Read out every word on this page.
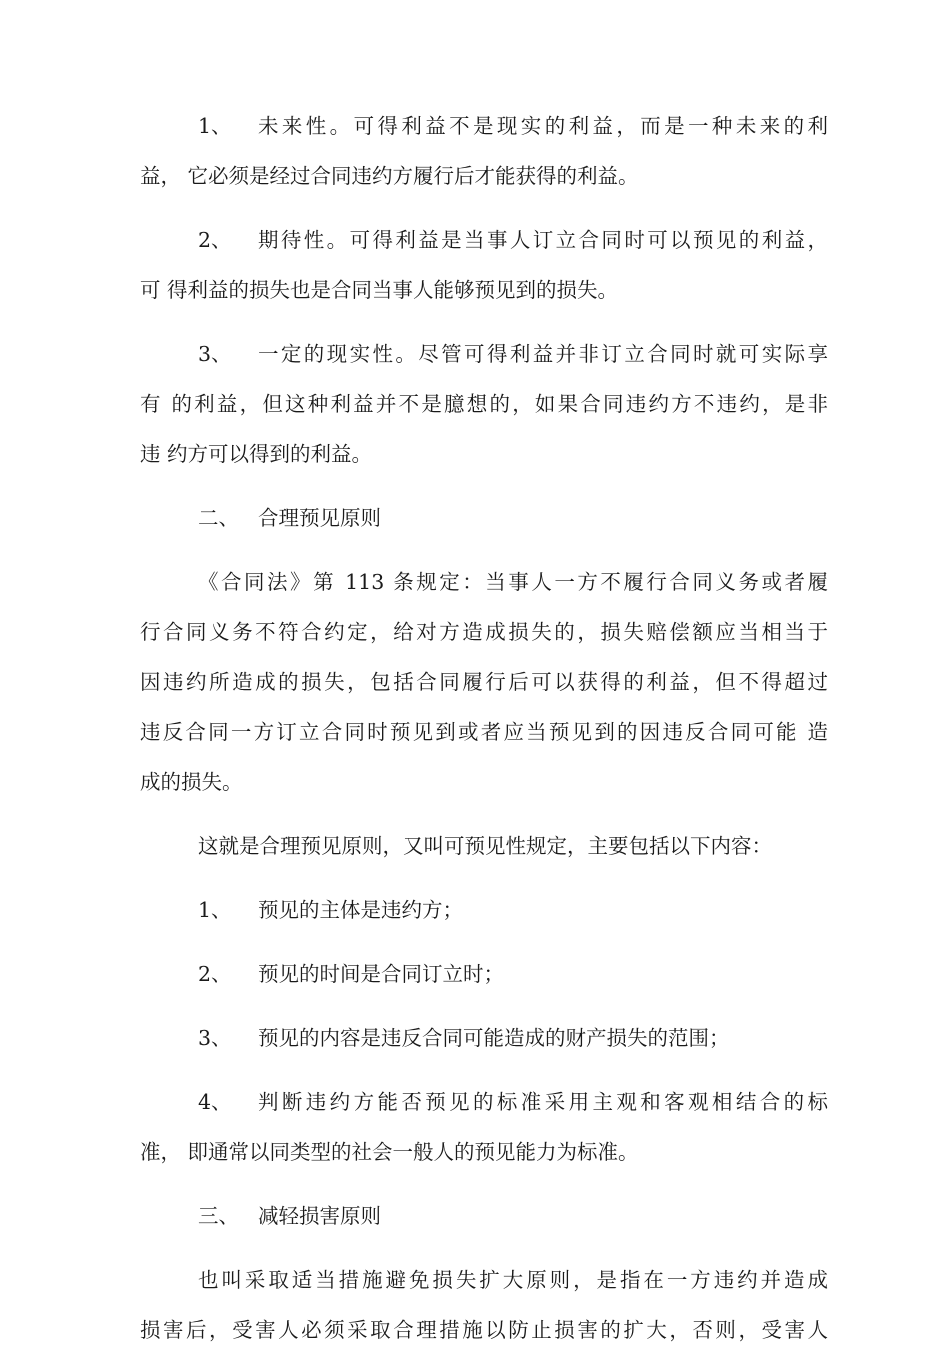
1、 未来性。可得利益不是现实的利益，而是一种未来的利
益， 它必须是经过合同违约方履行后才能获得的利益。
2、 期待性。可得利益是当事人订立合同时可以预见的利益，
可 得利益的损失也是合同当事人能够预见到的损失。
3、 一定的现实性。尽管可得利益并非订立合同时就可实际享
有 的利益，但这种利益并不是臆想的，如果合同违约方不违约，是非
违 约方可以得到的利益。
二、 合理预见原则
《合同法》第 113 条规定：当事人一方不履行合同义务或者履
行合同义务不符合约定，给对方造成损失的，损失赔偿额应当相当于
因违约所造成的损失，包括合同履行后可以获得的利益，但不得超过
违反合同一方订立合同时预见到或者应当预见到的因违反合同可能 造
成的损失。
这就是合理预见原则，又叫可预见性规定，主要包括以下内容：
1、 预见的主体是违约方；
2、 预见的时间是合同订立时；
3、 预见的内容是违反合同可能造成的财产损失的范围；
4、 判断违约方能否预见的标准采用主观和客观相结合的标
准， 即通常以同类型的社会一般人的预见能力为标准。
三、 减轻损害原则
也叫采取适当措施避免损失扩大原则，是指在一方违约并造成
损害后，受害人必须采取合理措施以防止损害的扩大，否则，受害人
